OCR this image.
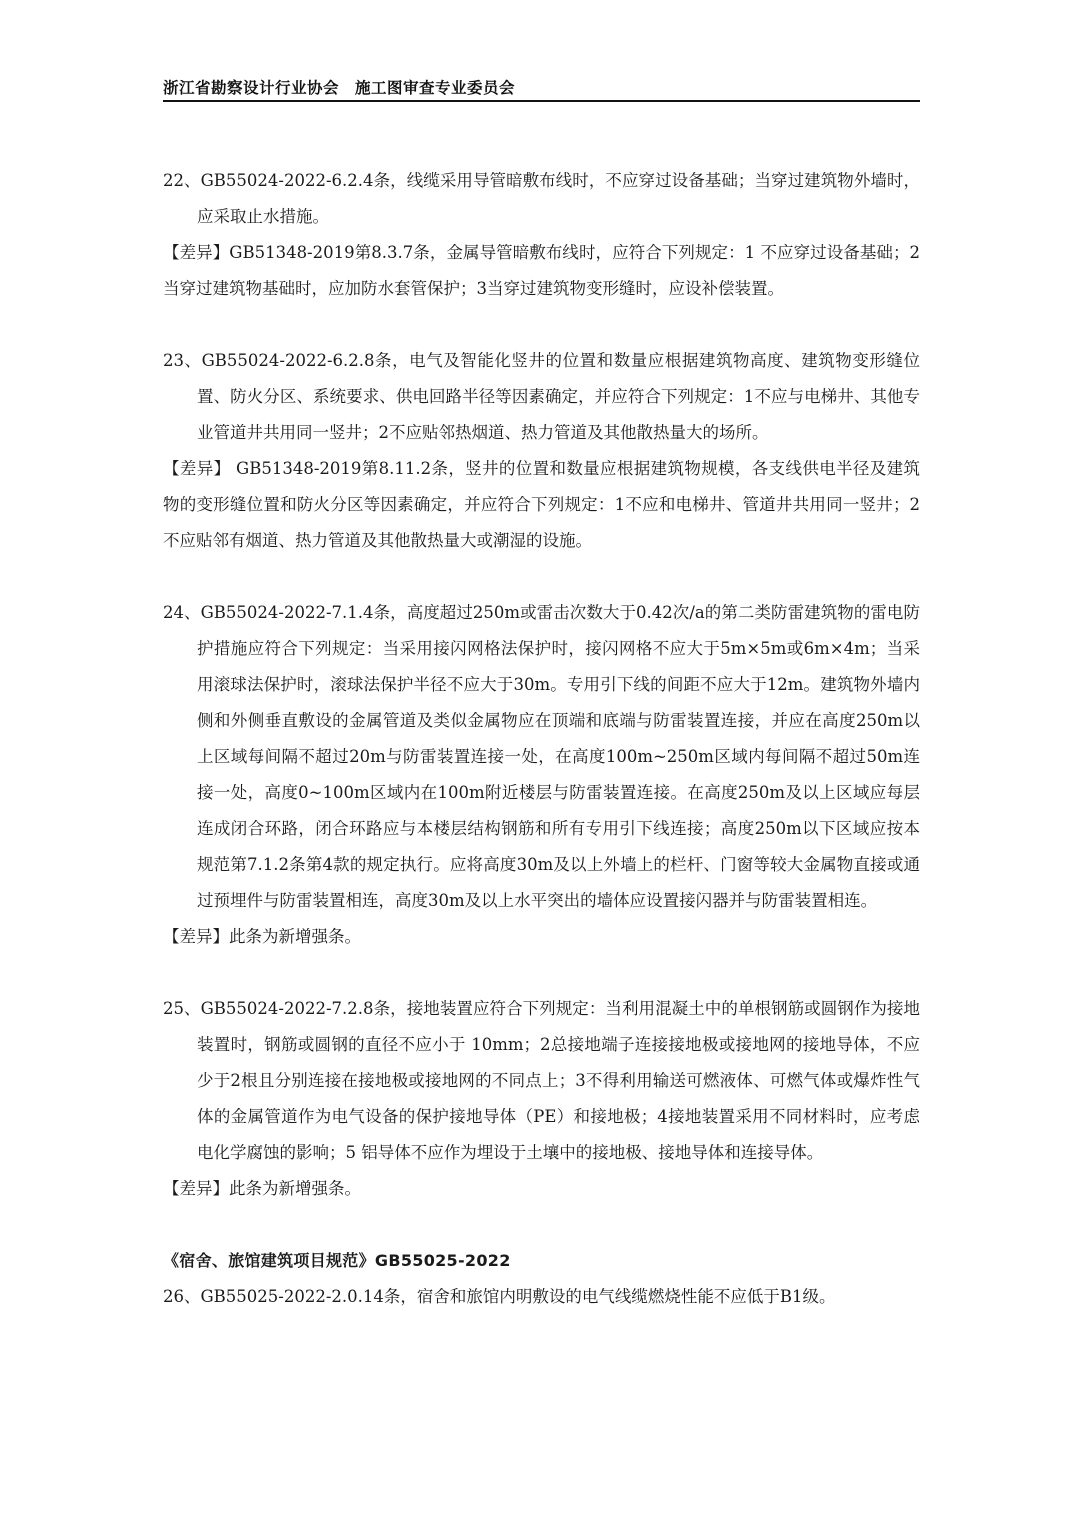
浙江省勘察设计行业协会　施工图审查专业委员会

22、GB55024-2022-6.2.4条，线缆采用导管暗敷布线时，不应穿过设备基础；当穿过建筑物外墙时，应采取止水措施。

【差异】GB51348-2019第8.3.7条，金属导管暗敷布线时，应符合下列规定：1 不应穿过设备基础；2当穿过建筑物基础时，应加防水套管保护；3当穿过建筑物变形缝时，应设补偿装置。

23、GB55024-2022-6.2.8条，电气及智能化竖井的位置和数量应根据建筑物高度、建筑物变形缝位置、防火分区、系统要求、供电回路半径等因素确定，并应符合下列规定：1不应与电梯井、其他专业管道井共用同一竖井；2不应贴邻热烟道、热力管道及其他散热量大的场所。

【差异】 GB51348-2019第8.11.2条，竖井的位置和数量应根据建筑物规模，各支线供电半径及建筑物的变形缝位置和防火分区等因素确定，并应符合下列规定：1不应和电梯井、管道井共用同一竖井；2不应贴邻有烟道、热力管道及其他散热量大或潮湿的设施。

24、GB55024-2022-7.1.4条，高度超过250m或雷击次数大于0.42次/a的第二类防雷建筑物的雷电防护措施应符合下列规定：当采用接闪网格法保护时，接闪网格不应大于5m×5m或6m×4m；当采用滚球法保护时，滚球法保护半径不应大于30m。专用引下线的间距不应大于12m。建筑物外墙内侧和外侧垂直敷设的金属管道及类似金属物应在顶端和底端与防雷装置连接，并应在高度250m以上区域每间隔不超过20m与防雷装置连接一处，在高度100m~250m区域内每间隔不超过50m连接一处，高度0~100m区域内在100m附近楼层与防雷装置连接。在高度250m及以上区域应每层连成闭合环路，闭合环路应与本楼层结构钢筋和所有专用引下线连接；高度250m以下区域应按本规范第7.1.2条第4款的规定执行。应将高度30m及以上外墙上的栏杆、门窗等较大金属物直接或通过预埋件与防雷装置相连，高度30m及以上水平突出的墙体应设置接闪器并与防雷装置相连。

【差异】此条为新增强条。

25、GB55024-2022-7.2.8条，接地装置应符合下列规定：当利用混凝土中的单根钢筋或圆钢作为接地装置时，钢筋或圆钢的直径不应小于 10mm；2总接地端子连接接地极或接地网的接地导体，不应少于2根且分别连接在接地极或接地网的不同点上；3不得利用输送可燃液体、可燃气体或爆炸性气体的金属管道作为电气设备的保护接地导体（PE）和接地极；4接地装置采用不同材料时，应考虑电化学腐蚀的影响；5 铝导体不应作为埋设于土壤中的接地极、接地导体和连接导体。

【差异】此条为新增强条。

《宿舍、旅馆建筑项目规范》GB55025-2022

26、GB55025-2022-2.0.14条，宿舍和旅馆内明敷设的电气线缆燃烧性能不应低于B1级。
